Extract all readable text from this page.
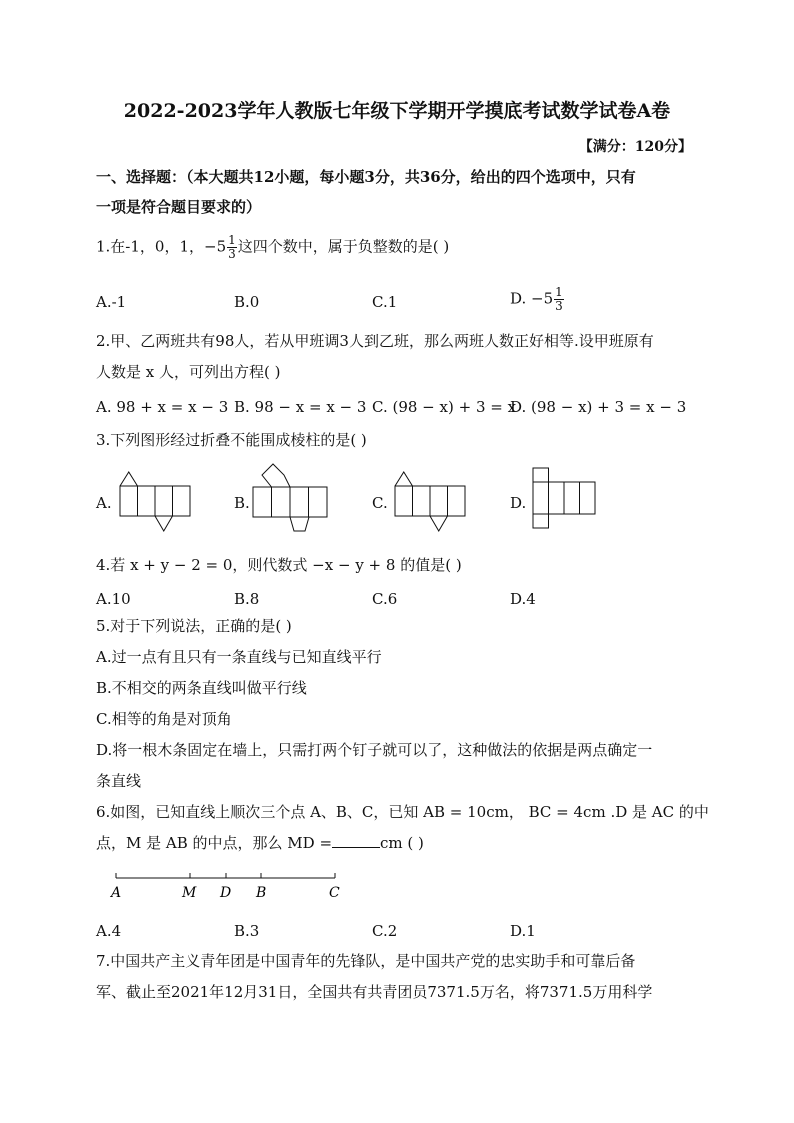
2022-2023学年人教版七年级下学期开学摸底考试数学试卷A卷
【满分：120分】
一、选择题：（本大题共12小题，每小题3分，共36分，给出的四个选项中，只有
一项是符合题目要求的）
1.在-1，0，1，$-5 \frac{1}{3}$ 这四个数中，属于负整数的是( )
A.-1	B.0	C.1	D. $-5 \frac{1}{3}$
2.甲、乙两班共有98人，若从甲班调3人到乙班，那么两班人数正好相等.设甲班原有
人数是 x 人，可列出方程( )
A. 98 + x = x − 3 B. 98 − x = x − 3 C. (98 − x) + 3 = x
D. (98 − x) + 3 = x − 3
3.下列图形经过折叠不能围成棱柱的是( )
A.	B.	C.	D.
4.若 x + y − 2 = 0，则代数式 −x − y + 8 的值是( )
A.10	B.8	C.6	D.4
5.对于下列说法，正确的是( )
A.过一点有且只有一条直线与已知直线平行
B.不相交的两条直线叫做平行线
C.相等的角是对顶角
D.将一根木条固定在墙上，只需打两个钉子就可以了，这种做法的依据是两点确定一
条直线
6.如图，已知直线上顺次三个点 A、B、C，已知 AB = 10cm， BC = 4cm .D 是 AC 的中
点，M 是 AB 的中点，那么 MD =	cm ( )
A	M D B	C
A.4	B.3	C.2	D.1
7.中国共产主义青年团是中国青年的先锋队，是中国共产党的忠实助手和可靠后备
军、截止至2021年12月31日，全国共有共青团员7371.5万名，将7371.5万用科学
